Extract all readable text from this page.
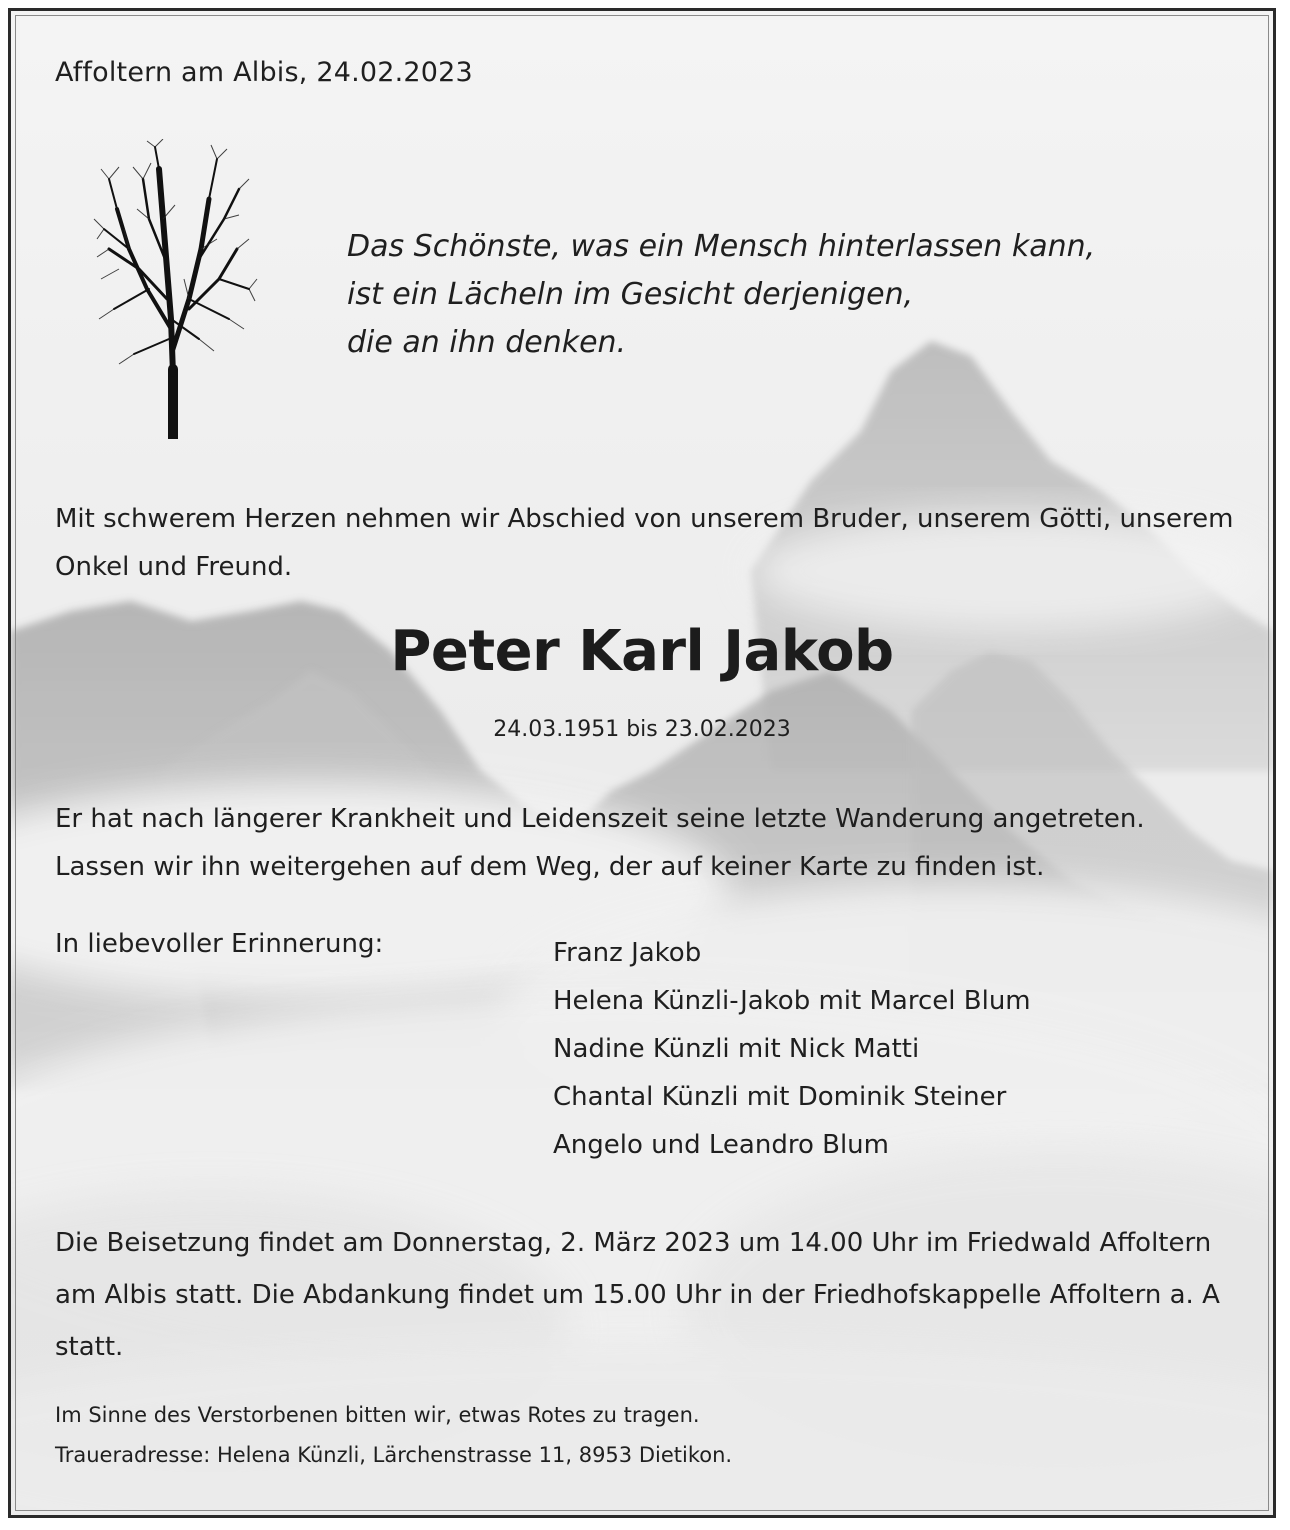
Affoltern am Albis, 24.02.2023
Das Schönste, was ein Mensch hinterlassen kann,
ist ein Lächeln im Gesicht derjenigen,
die an ihn denken.
Mit schwerem Herzen nehmen wir Abschied von unserem Bruder, unserem Götti, unserem Onkel und Freund.
Peter Karl Jakob
24.03.1951 bis 23.02.2023
Er hat nach längerer Krankheit und Leidenszeit seine letzte Wanderung angetreten.
Lassen wir ihn weitergehen auf dem Weg, der auf keiner Karte zu finden ist.
In liebevoller Erinnerung:	Franz Jakob
Helena Künzli-Jakob mit Marcel Blum
Nadine Künzli mit Nick Matti
Chantal Künzli mit Dominik Steiner
Angelo und Leandro Blum
Die Beisetzung findet am Donnerstag, 2. März 2023 um 14.00 Uhr im Friedwald Affoltern
am Albis statt. Die Abdankung findet um 15.00 Uhr in der Friedhofskappelle Affoltern a. A
statt.
Im Sinne des Verstorbenen bitten wir, etwas Rotes zu tragen.
Traueradresse: Helena Künzli, Lärchenstrasse 11, 8953 Dietikon.
